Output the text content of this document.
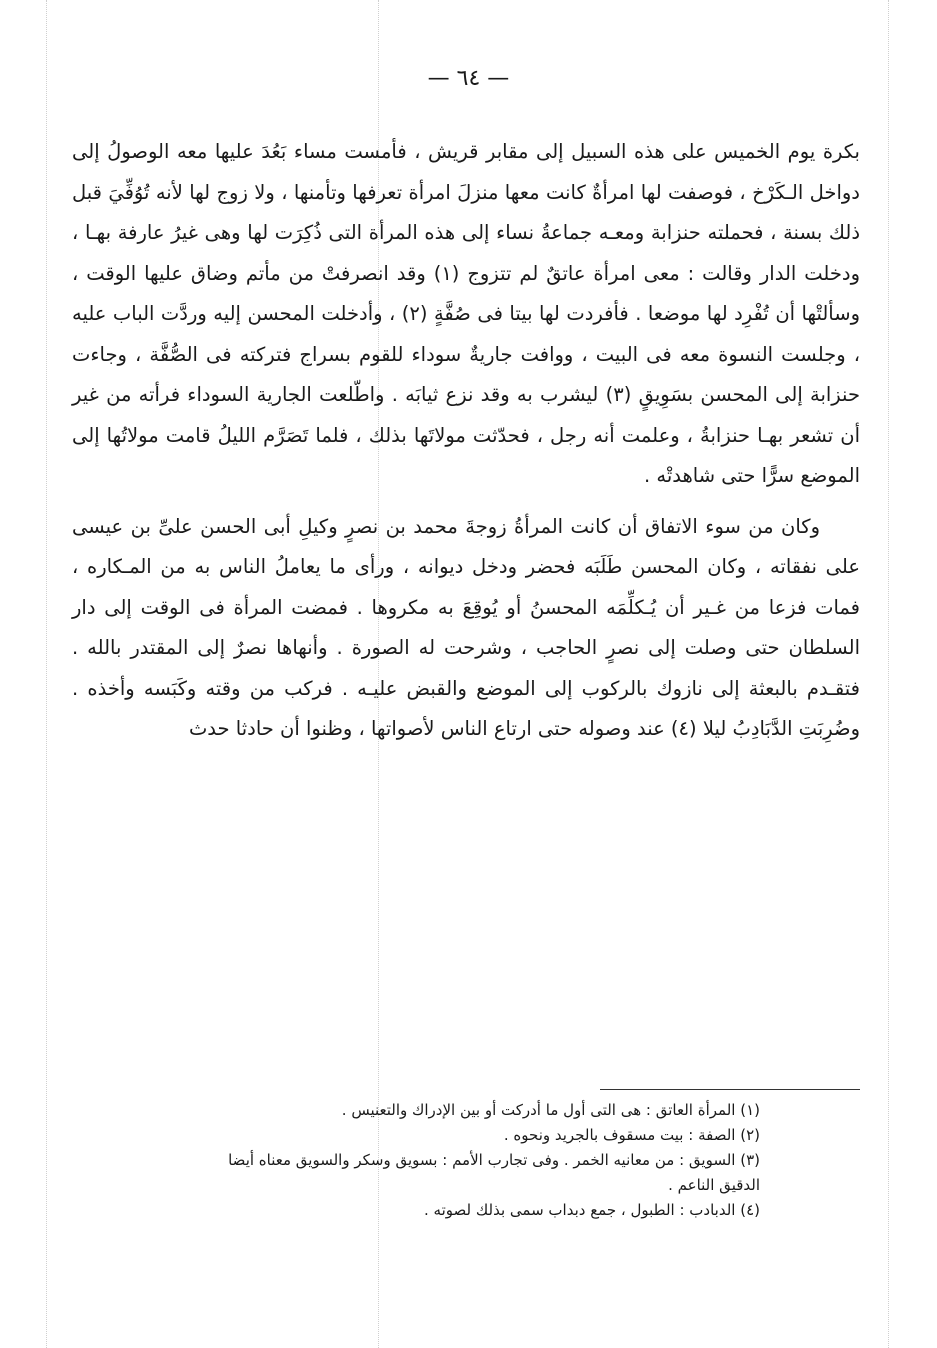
— ٦٤ —

بكرة يوم الخميس على هذه السبيل إلى مقابر قريش ، فأمست مساء بَعُدَ عليها معه الوصولُ إلى دواخل الـكَرْخ ، فوصفت لها امرأةٌ كانت معها منزلَ امرأة تعرفها وتأمنها ، ولا زوج لها لأنه تُوُفِّيَ قبل ذلك بسنة ، فحملته حنزابة ومعـه جماعةُ نساء إلى هذه المرأة التى ذُكِرَت لها وهى غيرُ عارفة بهـا ، ودخلت الدار وقالت : معى امرأة عاتقٌ لم تتزوج (١) وقد انصرفتْ من مأتم وضاق عليها الوقت ، وسألتْها أن تُفْرِد لها موضعا . فأفردت لها بيتا فى صُفَّةٍ (٢) ، وأدخلت المحسن إليه وردَّت الباب عليه ، وجلست النسوة معه فى البيت ، ووافت جاريةٌ سوداء للقوم بسراج فتركته فى الصُّفَّة ، وجاءت حنزابة إلى المحسن بسَوِيقٍ (٣) ليشرب به وقد نزع ثيابَه . واطّلعت الجارية السوداء فرأته من غير أن تشعر بهـا حنزابةُ ، وعلمت أنه رجل ، فحدّثت مولاتَها بذلك ، فلما تَصَرَّم الليلُ قامت مولاتُها إلى الموضع سرًّا حتى شاهدتْه .

وكان من سوء الاتفاق أن كانت المرأةُ زوجةَ محمد بن نصرٍ وكيلِ أبى الحسن علىِّ بن عيسى على نفقاته ، وكان المحسن طَلَبَه فحضر ودخل ديوانه ، ورأى ما يعاملُ الناس به من المـكاره ، فمات فزعا من غـير أن يُـكلِّمَه المحسنُ أو يُوقِعَ به مكروها . فمضت المرأة فى الوقت إلى دار السلطان حتى وصلت إلى نصرٍ الحاجب ، وشرحت له الصورة . وأنهاها نصرٌ إلى المقتدر بالله . فتقـدم بالبعثة إلى نازوك بالركوب إلى الموضع والقبض عليـه . فركب من وقته وكَبَسه وأخذه . وضُرِبَتِ الدَّبَادِبُ ليلا (٤) عند وصوله حتى ارتاع الناس لأصواتها ، وظنوا أن حادثا حدث

(١) المرأة العاتق : هى التى أول ما أدركت أو بين الإدراك والتعنيس .

(٢) الصفة : بيت مسقوف بالجريد ونحوه .

(٣) السويق : من معانيه الخمر . وفى تجارب الأمم : بسويق وسكر والسويق معناه أيضا الدقيق الناعم .

(٤) الدبادب : الطبول ، جمع دبداب سمى بذلك لصوته .
